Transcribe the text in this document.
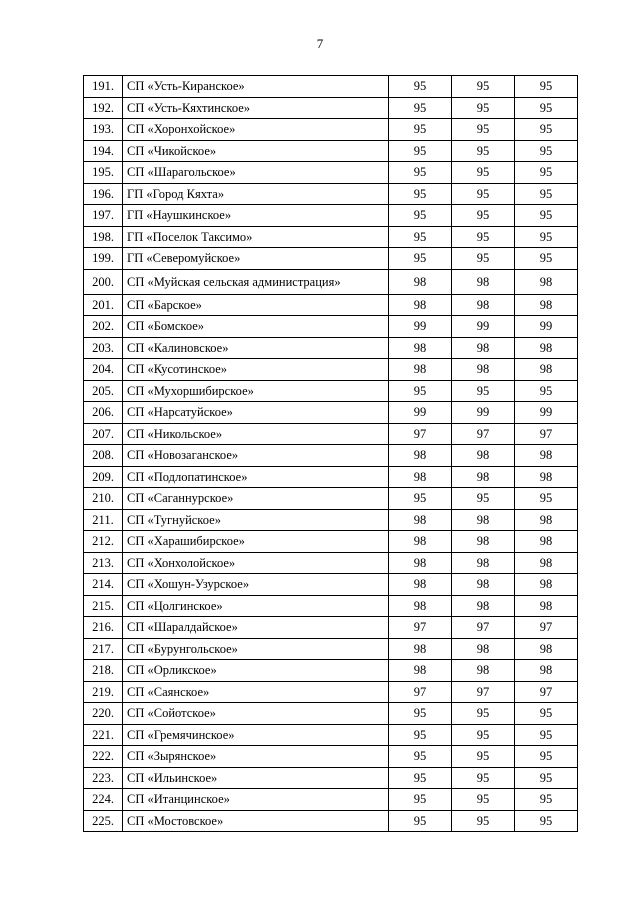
7
191.	СП «Усть-Киранское»	95	95	95
192.	СП «Усть-Кяхтинское»	95	95	95
193.	СП «Хоронхойское»	95	95	95
194.	СП «Чикойское»	95	95	95
195.	СП «Шарагольское»	95	95	95
196.	ГП «Город Кяхта»	95	95	95
197.	ГП «Наушкинское»	95	95	95
198.	ГП «Поселок Таксимо»	95	95	95
199.	ГП «Северомуйское»	95	95	95
200.	СП «Муйская сельская администрация»	98	98	98
201.	СП «Барское»	98	98	98
202.	СП «Бомское»	99	99	99
203.	СП «Калиновское»	98	98	98
204.	СП «Кусотинское»	98	98	98
205.	СП «Мухоршибирское»	95	95	95
206.	СП «Нарсатуйское»	99	99	99
207.	СП «Никольское»	97	97	97
208.	СП «Новозаганское»	98	98	98
209.	СП «Подлопатинское»	98	98	98
210.	СП «Саганнурское»	95	95	95
211.	СП «Тугнуйское»	98	98	98
212.	СП «Харашибирское»	98	98	98
213.	СП «Хонхолойское»	98	98	98
214.	СП «Хошун-Узурское»	98	98	98
215.	СП «Цолгинское»	98	98	98
216.	СП «Шаралдайское»	97	97	97
217.	СП «Бурунгольское»	98	98	98
218.	СП «Орликское»	98	98	98
219.	СП «Саянское»	97	97	97
220.	СП «Сойотское»	95	95	95
221.	СП «Гремячинское»	95	95	95
222.	СП «Зырянское»	95	95	95
223.	СП «Ильинское»	95	95	95
224.	СП «Итанцинское»	95	95	95
225.	СП «Мостовское»	95	95	95
